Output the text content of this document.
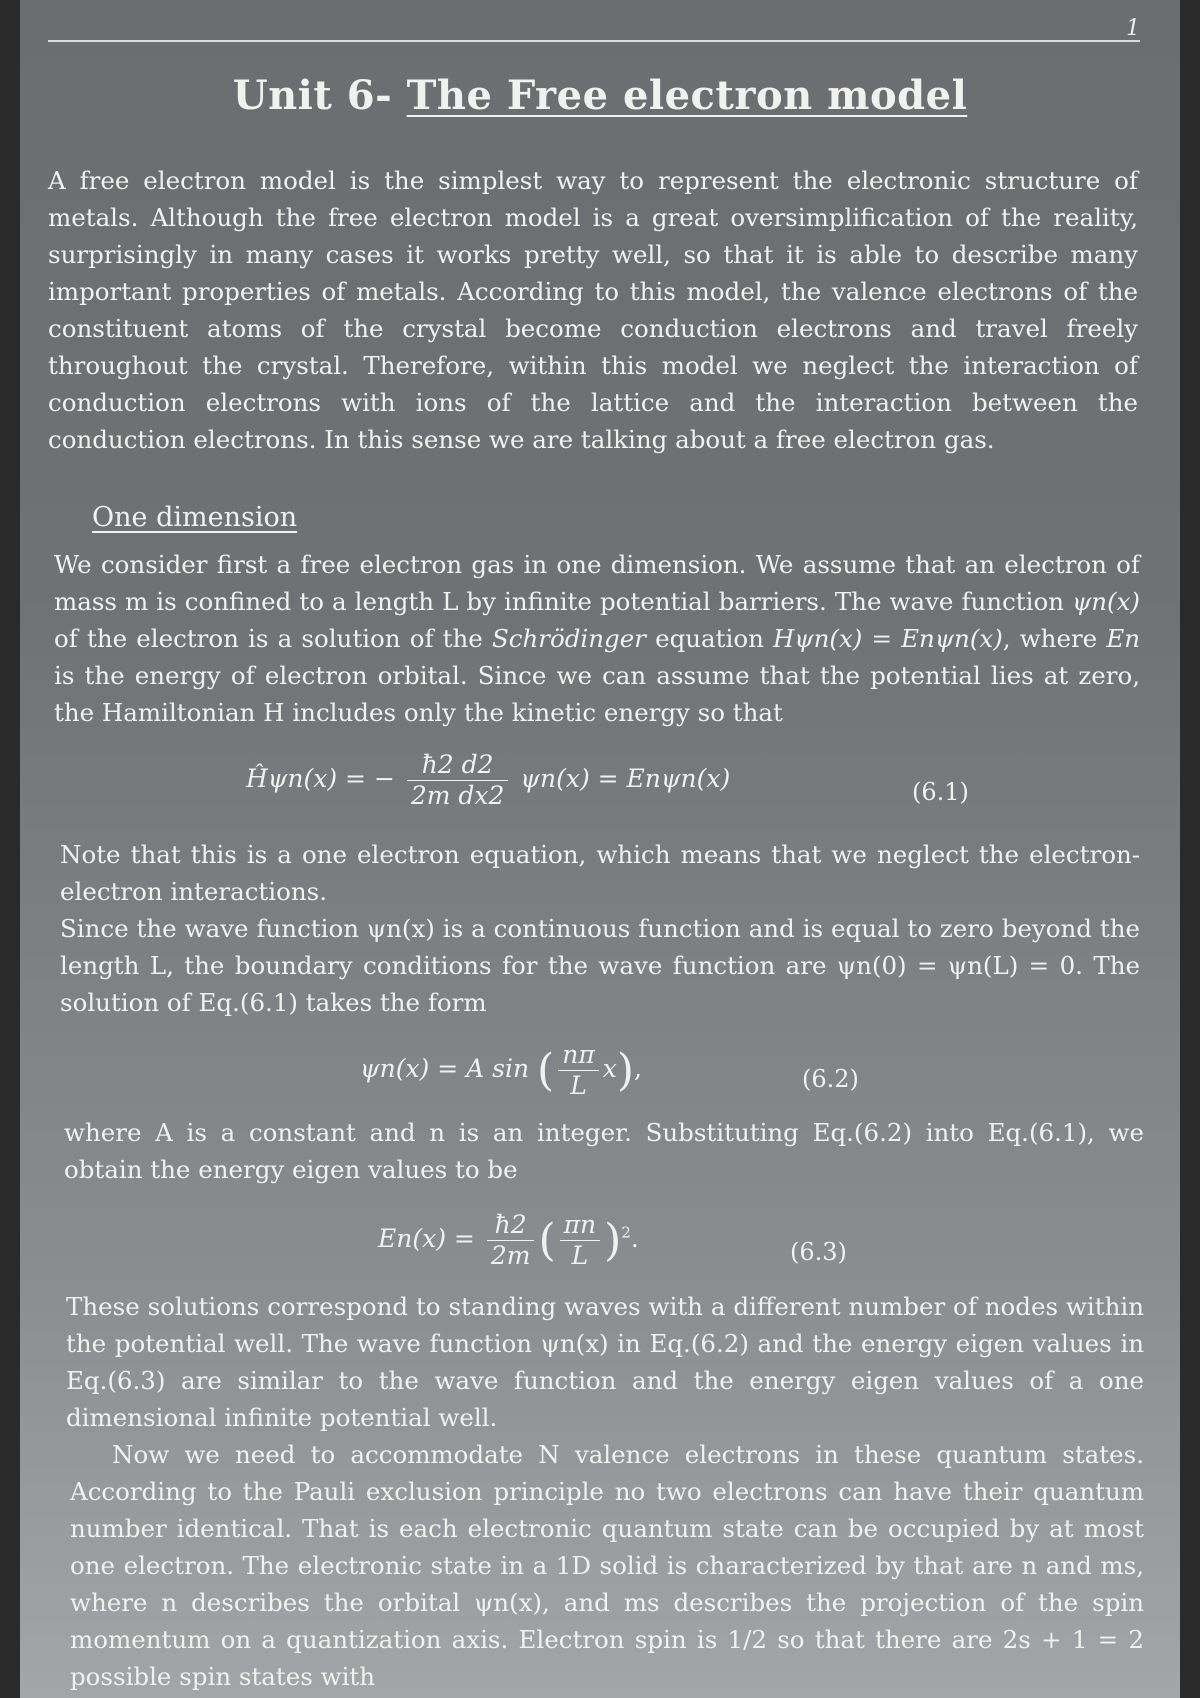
1
Unit 6- The Free electron model

A free electron model is the simplest way to represent the electronic structure of metals. Although the free electron model is a great oversimplification of the reality, surprisingly in many cases it works pretty well, so that it is able to describe many important properties of metals. According to this model, the valence electrons of the constituent atoms of the crystal become conduction electrons and travel freely throughout the crystal. Therefore, within this model we neglect the interaction of conduction electrons with ions of the lattice and the interaction between the conduction electrons. In this sense we are talking about a free electron gas.

One dimension

We consider first a free electron gas in one dimension. We assume that an electron of mass m is confined to a length L by infinite potential barriers. The wave function ψn(x) of the electron is a solution of the Schrödinger equation Hψn(x) = Enψn(x), where En is the energy of electron orbital. Since we can assume that the potential lies at zero, the Hamiltonian H includes only the kinetic energy so that

Ĥψn(x) = − $\frac{ħ2 d2}{\text{2m dx2}} \psi n(x) = En\psi n(x)$	(6.1)

Note that this is a one electron equation, which means that we neglect the electron-electron interactions.
Since the wave function ψn(x) is a continuous function and is equal to zero beyond the length L, the boundary conditions for the wave function are ψn(0) = ψn(L) = 0. The solution of Eq.(6.1) takes the form

ψn(x) = A sin ( $\frac{n\pi}{L} x$),	(6.2)

where A is a constant and n is an integer. Substituting Eq.(6.2) into Eq.(6.1), we obtain the energy eigen values to be

$En(x) = \frac{ħ2}{2m}$ ( $\frac{\pi n}{L} )^2$.	(6.3)

These solutions correspond to standing waves with a different number of nodes within the potential well. The wave function ψn(x) in Eq.(6.2) and the energy eigen values in Eq.(6.3) are similar to the wave function and the energy eigen values of a one dimensional infinite potential well.

Now we need to accommodate N valence electrons in these quantum states. According to the Pauli exclusion principle no two electrons can have their quantum number identical. That is each electronic quantum state can be occupied by at most one electron. The electronic state in a 1D solid is characterized by that are n and ms, where n describes the orbital ψn(x), and ms describes the projection of the spin momentum on a quantization axis. Electron spin is 1/2 so that there are 2s + 1 = 2 possible spin states with
